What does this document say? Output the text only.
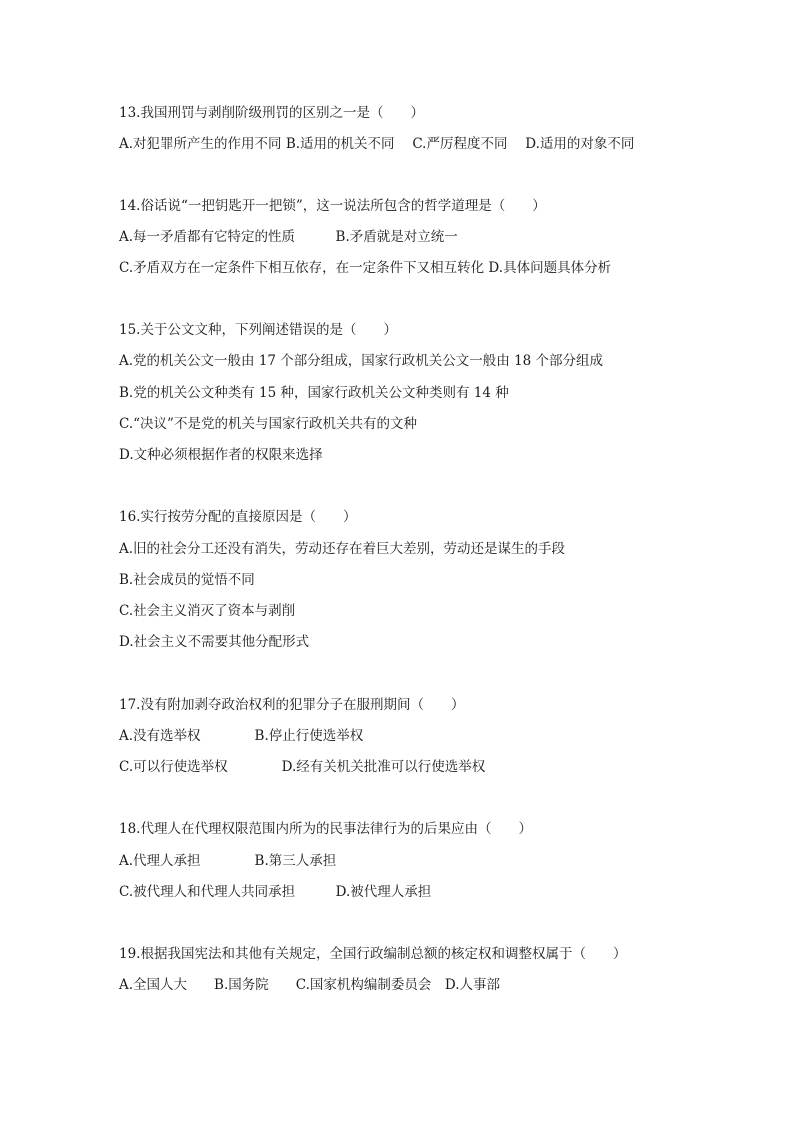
13.我国刑罚与剥削阶级刑罚的区别之一是（　　）
A.对犯罪所产生的作用不同 B.适用的机关不同　 C.严厉程度不同　 D.适用的对象不同
14.俗话说“一把钥匙开一把锁”，这一说法所包含的哲学道理是（　　）
A.每一矛盾都有它特定的性质　　　B.矛盾就是对立统一
C.矛盾双方在一定条件下相互依存，在一定条件下又相互转化 D.具体问题具体分析
15.关于公文文种，下列阐述错误的是（　　）
A.党的机关公文一般由 17 个部分组成，国家行政机关公文一般由 18 个部分组成
B.党的机关公文种类有 15 种，国家行政机关公文种类则有 14 种
C.“决议”不是党的机关与国家行政机关共有的文种
D.文种必须根据作者的权限来选择
16.实行按劳分配的直接原因是（　　）
A.旧的社会分工还没有消失，劳动还存在着巨大差别，劳动还是谋生的手段
B.社会成员的觉悟不同
C.社会主义消灭了资本与剥削
D.社会主义不需要其他分配形式
17.没有附加剥夺政治权利的犯罪分子在服刑期间（　　）
A.没有选举权　　　　B.停止行使选举权
C.可以行使选举权　　　　D.经有关机关批准可以行使选举权
18.代理人在代理权限范围内所为的民事法律行为的后果应由（　　）
A.代理人承担　　　　B.第三人承担
C.被代理人和代理人共同承担　　　D.被代理人承担
19.根据我国宪法和其他有关规定，全国行政编制总额的核定权和调整权属于（　　）
A.全国人大　　B.国务院　　C.国家机构编制委员会　D.人事部
